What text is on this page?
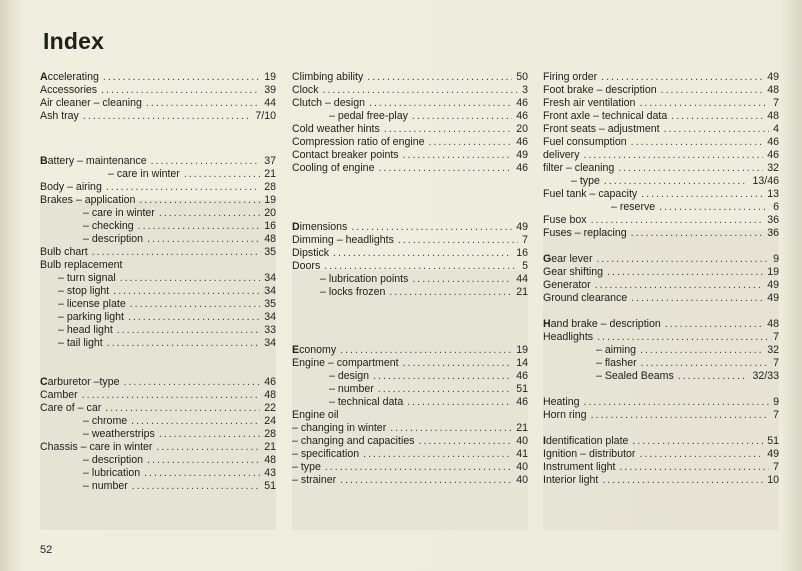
Index
Accelerating .....	19
Accessories .....	39
Air cleaner – cleaning .....	44
Ash tray .....	7/10
Battery – maintenance .....	37
– care in winter .....	21
Body – airing .....	28
Brakes – application .....	19
– care in winter .....	20
– checking .....	16
– description .....	48
Bulb chart .....	35
Bulb replacement
– turn signal .....	34
– stop light .....	34
– license plate .....	35
– parking light .....	34
– head light .....	33
– tail light .....	34
Carburetor –type .....	46
Camber .....	48
Care of – car .....	22
– chrome .....	24
– weatherstrips .....	28
Chassis – care in winter .....	21
– description .....	48
– lubrication .....	43
– number .....	51
Climbing ability .....	50
Clock .....	3
Clutch – design .....	46
– pedal free-play .....	46
Cold weather hints .....	20
Compression ratio of engine .....	46
Contact breaker points .....	49
Cooling of engine .....	46
Dimensions .....	49
Dimming – headlights .....	7
Dipstick .....	16
Doors .....	5
– lubrication points .....	44
– locks frozen .....	21
Economy .....	19
Engine – compartment .....	14
– design .....	46
– number .....	51
– technical data .....	46
Engine oil
– changing in winter .....	21
– changing and capacities .....	40
– specification .....	41
– type .....	40
– strainer .....	40
Firing order .....	49
Foot brake – description .....	48
Fresh air ventilation .....	7
Front axle – technical data .....	48
Front seats – adjustment .....	4
Fuel consumption .....	46
delivery .....	46
filter – cleaning .....	32
– type .....	13/46
Fuel tank – capacity .....	13
– reserve .....	6
Fuse box .....	36
Fuses – replacing .....	36
Gear lever .....	9
Gear shifting .....	19
Generator .....	49
Ground clearance .....	49
Hand brake – description .....	48
Headlights .....	7
– aiming .....	32
– flasher .....	7
– Sealed Beams .....	32/33
Heating .....	9
Horn ring .....	7
Identification plate .....	51
Ignition – distributor .....	49
Instrument light .....	7
Interior light .....	10
52
